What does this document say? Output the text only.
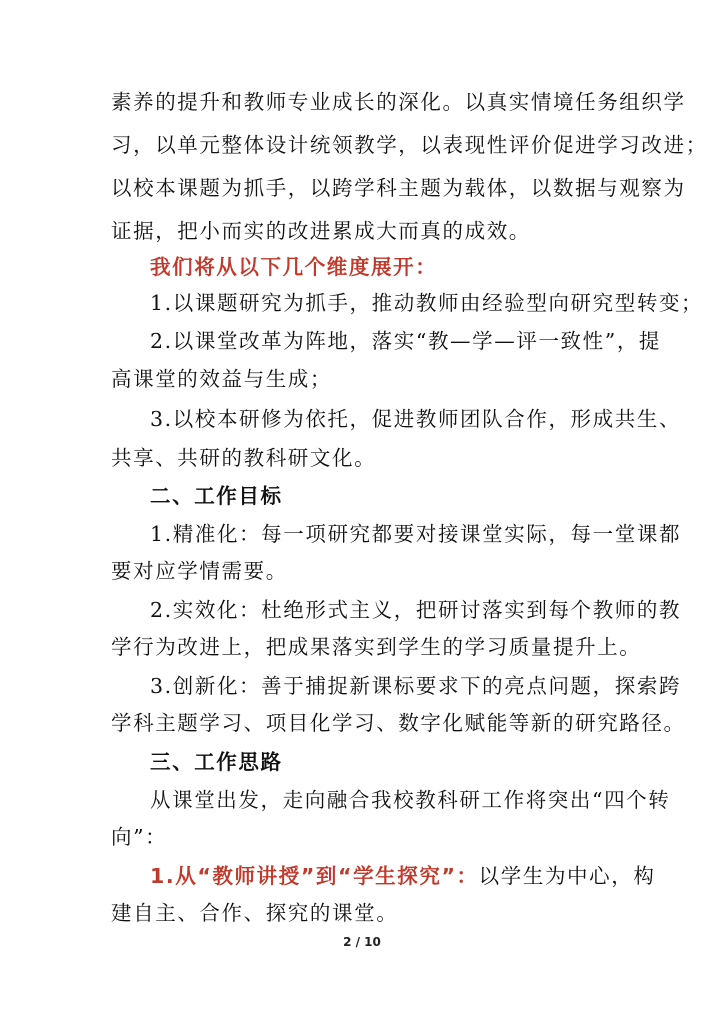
素养的提升和教师专业成长的深化。以真实情境任务组织学
习，以单元整体设计统领教学，以表现性评价促进学习改进；
以校本课题为抓手，以跨学科主题为载体，以数据与观察为
证据，把小而实的改进累成大而真的成效。
我们将从以下几个维度展开：
1.以课题研究为抓手，推动教师由经验型向研究型转变；
2.以课堂改革为阵地，落实“教—学—评一致性”，提
高课堂的效益与生成；
3.以校本研修为依托，促进教师团队合作，形成共生、
共享、共研的教科研文化。
二、工作目标
1.精准化：每一项研究都要对接课堂实际，每一堂课都
要对应学情需要。
2.实效化：杜绝形式主义，把研讨落实到每个教师的教
学行为改进上，把成果落实到学生的学习质量提升上。
3.创新化：善于捕捉新课标要求下的亮点问题，探索跨
学科主题学习、项目化学习、数字化赋能等新的研究路径。
三、工作思路
从课堂出发，走向融合我校教科研工作将突出“四个转
向”：
1.从“教师讲授”到“学生探究”：以学生为中心，构
建自主、合作、探究的课堂。
2 / 10
